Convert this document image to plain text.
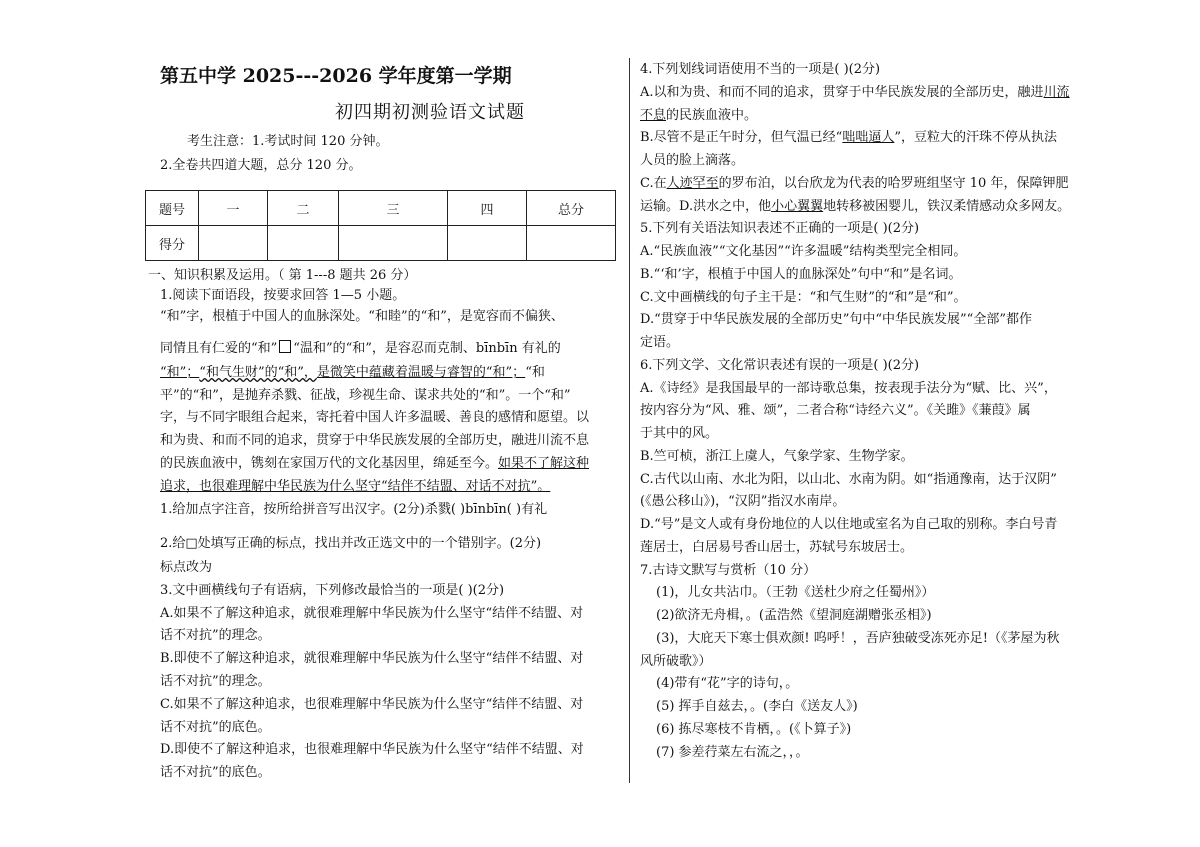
第五中学 2025---2026 学年度第一学期
初四期初测验语文试题
考生注意：1.考试时间 120 分钟。
2.全卷共四道大题，总分 120 分。
题号	一	二	三	四	总分
得分					
一、知识积累及运用。（ 第 1---8 题共 26 分）
1.阅读下面语段，按要求回答 1—5 小题。
“和”字，根植于中国人的血脉深处。“和睦”的“和”，是宽容而不偏狭、
同情且有仁爱的“和” “温和”的“和”，是容忍而克制、bīnbīn 有礼的
“和”；“和气生财”的“和”，是微笑中蕴藏着温暖与睿智的“和”；“和
平”的“和”，是抛弃杀戮、征战，珍视生命、谋求共处的“和”。一个“和”
字，与不同字眼组合起来，寄托着中国人许多温暖、善良的感情和愿望。以
和为贵、和而不同的追求，贯穿于中华民族发展的全部历史，融进川流不息
的民族血液中，镌刻在家国万代的文化基因里，绵延至今。如果不了解这种
追求，也很难理解中华民族为什么坚守“结伴不结盟、对话不对抗”。
1.给加点字注音，按所给拼音写出汉字。(2分)杀戮( )bīnbīn( )有礼
2.给□处填写正确的标点，找出并改正选文中的一个错别字。(2分)
标点改为
3.文中画横线句子有语病，下列修改最恰当的一项是( )(2分)
A.如果不了解这种追求，就很难理解中华民族为什么坚守“结伴不结盟、对
话不对抗”的理念。
B.即使不了解这种追求，就很难理解中华民族为什么坚守“结伴不结盟、对
话不对抗”的理念。
C.如果不了解这种追求，也很难理解中华民族为什么坚守“结伴不结盟、对
话不对抗”的底色。
D.即使不了解这种追求，也很难理解中华民族为什么坚守“结伴不结盟、对
话不对抗”的底色。
4.下列划线词语使用不当的一项是( )(2分)
A.以和为贵、和而不同的追求，贯穿于中华民族发展的全部历史，融进川流
不息的民族血液中。
B.尽管不是正午时分，但气温已经“咄咄逼人”，豆粒大的汗珠不停从执法
人员的脸上滴落。
C.在人迹罕至的罗布泊，以台欣龙为代表的哈罗班组坚守 10 年，保障钾肥
运输。D.洪水之中，他小心翼翼地转移被困婴儿，铁汉柔情感动众多网友。
5.下列有关语法知识表述不正确的一项是( )(2分)
A.“民族血液”“文化基因”“许多温暖”结构类型完全相同。
B.“‘和’字，根植于中国人的血脉深处”句中“和”是名词。
C.文中画横线的句子主干是：“和气生财”的“和”是“和”。
D.“贯穿于中华民族发展的全部历史”句中“中华民族发展”“全部”都作
定语。
6.下列文学、文化常识表述有误的一项是( )(2分)
A.《诗经》是我国最早的一部诗歌总集，按表现手法分为“赋、比、兴”，
按内容分为“风、雅、颂”，二者合称“诗经六义”。《关雎》《蒹葭》属
于其中的风。
B.竺可桢，浙江上虞人，气象学家、生物学家。
C.古代以山南、水北为阳，以山北、水南为阴。如“指通豫南，达于汉阴”
(《愚公移山》)，“汉阴”指汉水南岸。
D.“号”是文人或有身份地位的人以住地或室名为自己取的别称。李白号青
莲居士，白居易号香山居士，苏轼号东坡居士。
7.古诗文默写与赏析（10 分）
(1)，儿女共沾巾。（王勃《送杜少府之任蜀州》）
(2)欲济无舟楫，。(孟浩然《望洞庭湖赠张丞相》)
(3)，大庇天下寒士俱欢颜! 呜呼！，吾庐独破受冻死亦足!（《茅屋为秋
风所破歌》）
(4)带有“花”字的诗句，。
(5) 挥手自兹去，。(李白《送友人》)
(6) 拣尽寒枝不肯栖，。(《卜算子》)
(7) 参差荇菜左右流之，，。
